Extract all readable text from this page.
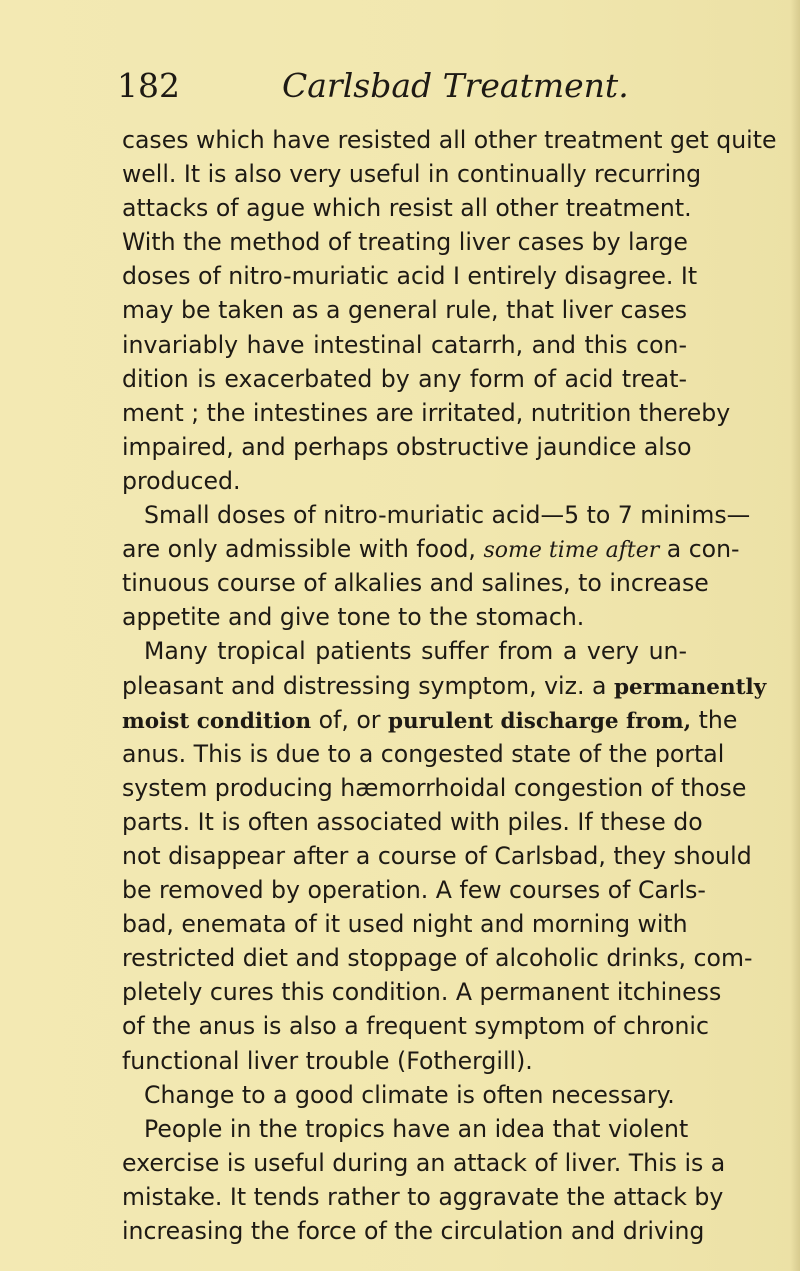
182	Carlsbad Treatment.
cases which have resisted all other treatment get quite
well. It is also very useful in continually recurring
attacks of ague which resist all other treatment.
With the method of treating liver cases by large
doses of nitro-muriatic acid I entirely disagree. It
may be taken as a general rule, that liver cases
invariably have intestinal catarrh, and this con-
dition is exacerbated by any form of acid treat-
ment ; the intestines are irritated, nutrition thereby
impaired, and perhaps obstructive jaundice also
produced.
Small doses of nitro-muriatic acid—5 to 7 minims—
are only admissible with food, some time after a con-
tinuous course of alkalies and salines, to increase
appetite and give tone to the stomach.
Many tropical patients suffer from a very un-
pleasant and distressing symptom, viz. a permanently
moist condition of, or purulent discharge from, the
anus. This is due to a congested state of the portal
system producing hæmorrhoidal congestion of those
parts. It is often associated with piles. If these do
not disappear after a course of Carlsbad, they should
be removed by operation. A few courses of Carls-
bad, enemata of it used night and morning with
restricted diet and stoppage of alcoholic drinks, com-
pletely cures this condition. A permanent itchiness
of the anus is also a frequent symptom of chronic
functional liver trouble (Fothergill).
Change to a good climate is often necessary.
People in the tropics have an idea that violent
exercise is useful during an attack of liver. This is a
mistake. It tends rather to aggravate the attack by
increasing the force of the circulation and driving
